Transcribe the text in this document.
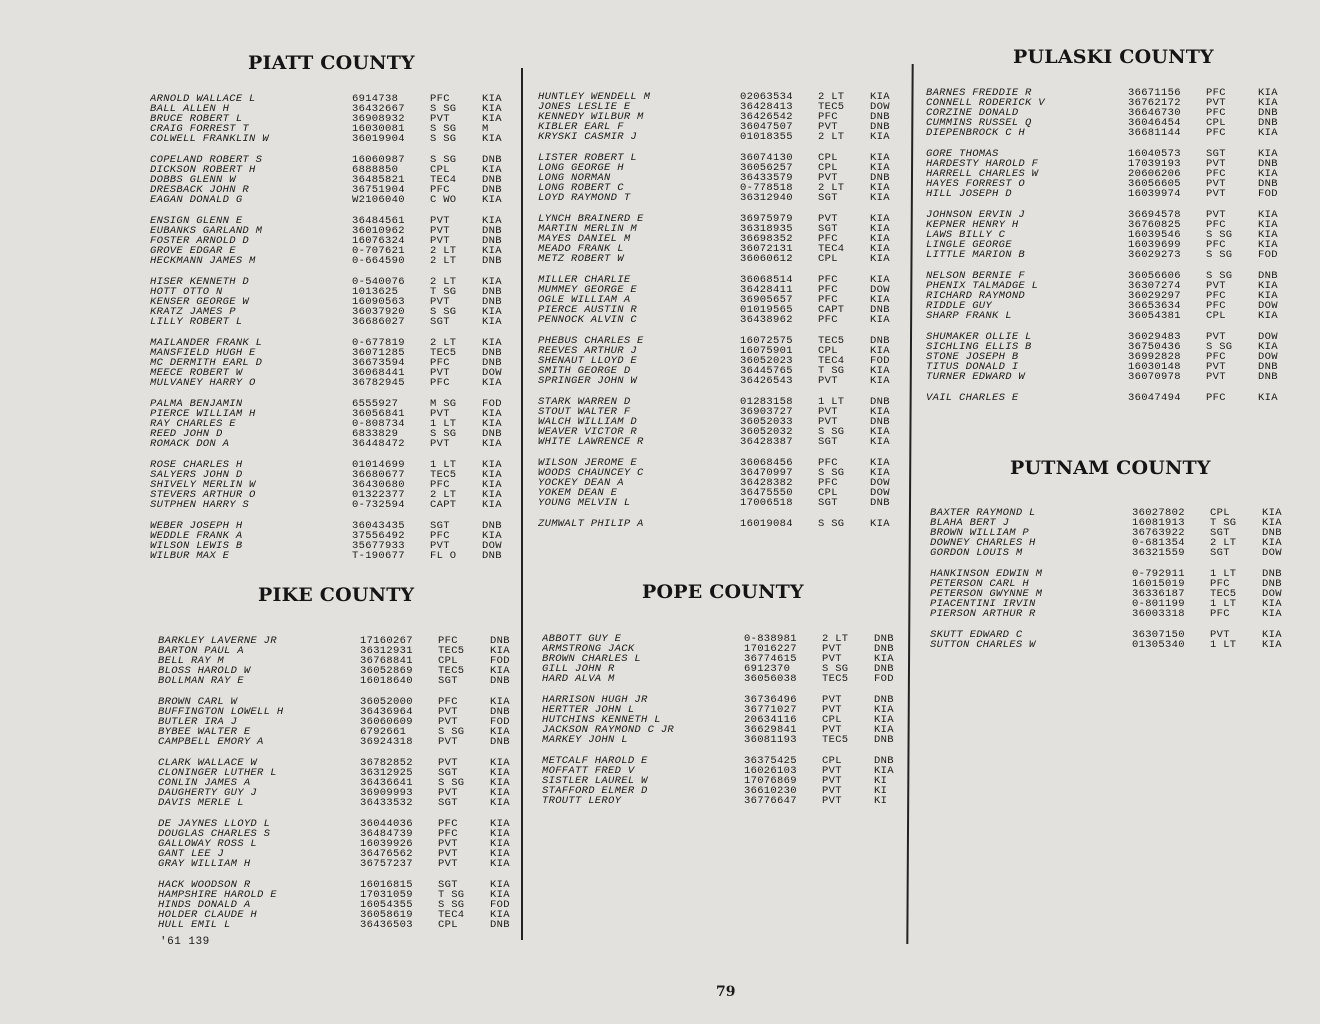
PIATT COUNTY
ARNOLD WALLACE L	6914738	PFC	KIA
BALL ALLEN H	36432667	S SG	KIA
BRUCE ROBERT L	36908932	PVT	KIA
CRAIG FORREST T	16030081	S SG	M
COLWELL FRANKLIN W	36019904	S SG	KIA
COPELAND ROBERT S	16060987	S SG	DNB
DICKSON ROBERT H	6888850	CPL	KIA
DOBBS GLENN W	36485821	TEC4	DNB
DRESBACK JOHN R	36751904	PFC	DNB
EAGAN DONALD G	W2106040	C WO	KIA
ENSIGN GLENN E	36484561	PVT	KIA
EUBANKS GARLAND M	36010962	PVT	DNB
FOSTER ARNOLD D	16076324	PVT	DNB
GROVE EDGAR E	0-707621	2 LT	KIA
HECKMANN JAMES M	0-664590	2 LT	DNB
HISER KENNETH D	0-540076	2 LT	KIA
HOTT OTTO N	1013625	T SG	DNB
KENSER GEORGE W	16090563	PVT	DNB
KRATZ JAMES P	36037920	S SG	KIA
LILLY ROBERT L	36686027	SGT	KIA
MAILANDER FRANK L	0-677819	2 LT	KIA
MANSFIELD HUGH E	36071285	TEC5	DNB
MC DERMITH EARL D	36673594	PFC	DNB
MEECE ROBERT W	36068441	PVT	DOW
MULVANEY HARRY O	36782945	PFC	KIA
PALMA BENJAMIN	6555927	M SG	FOD
PIERCE WILLIAM H	36056841	PVT	KIA
RAY CHARLES E	0-808734	1 LT	KIA
REED JOHN D	6833829	S SG	DNB
ROMACK DON A	36448472	PVT	KIA
ROSE CHARLES H	01014699	1 LT	KIA
SALYERS JOHN D	36680677	TEC5	KIA
SHIVELY MERLIN W	36430680	PFC	KIA
STEVERS ARTHUR O	01322377	2 LT	KIA
SUTPHEN HARRY S	0-732594	CAPT	KIA
WEBER JOSEPH H	36043435	SGT	DNB
WEDDLE FRANK A	37556492	PFC	KIA
WILSON LEWIS B	35677933	PVT	DOW
WILBUR MAX E	T-190677	FL O	DNB
PIKE COUNTY
BARKLEY LAVERNE JR	17160267	PFC	DNB
BARTON PAUL A	36312931	TEC5	KIA
BELL RAY M	36768841	CPL	FOD
BLOSS HAROLD W	36052869	TEC5	KIA
BOLLMAN RAY E	16018640	SGT	DNB
BROWN CARL W	36052000	PFC	KIA
BUFFINGTON LOWELL H	36436964	PVT	DNB
BUTLER IRA J	36060609	PVT	FOD
BYBEE WALTER E	6792661	S SG	KIA
CAMPBELL EMORY A	36924318	PVT	DNB
CLARK WALLACE W	36782852	PVT	KIA
CLONINGER LUTHER L	36312925	SGT	KIA
CONLIN JAMES A	36436641	S SG	KIA
DAUGHERTY GUY J	36909993	PVT	KIA
DAVIS MERLE L	36433532	SGT	KIA
DE JAYNES LLOYD L	36044036	PFC	KIA
DOUGLAS CHARLES S	36484739	PFC	KIA
GALLOWAY ROSS L	16039926	PVT	KIA
GANT LEE J	36476562	PVT	KIA
GRAY WILLIAM H	36757237	PVT	KIA
HACK WOODSON R	16016815	SGT	KIA
HAMPSHIRE HAROLD E	17031059	T SG	KIA
HINDS DONALD A	16054355	S SG	FOD
HOLDER CLAUDE H	36058619	TEC4	KIA
HULL EMIL L	36436503	CPL	DNB
HUNTLEY WENDELL M	02063534	2 LT	KIA
JONES LESLIE E	36428413	TEC5	DOW
KENNEDY WILBUR M	36426542	PFC	DNB
KIBLER EARL F	36047507	PVT	DNB
KRYSKI CASMIR J	01018355	2 LT	KIA
LISTER ROBERT L	36074130	CPL	KIA
LONG GEORGE H	36056257	CPL	KIA
LONG NORMAN	36433579	PVT	DNB
LONG ROBERT C	0-778518	2 LT	KIA
LOYD RAYMOND T	36312940	SGT	KIA
LYNCH BRAINERD E	36975979	PVT	KIA
MARTIN MERLIN M	36318935	SGT	KIA
MAYES DANIEL M	36698352	PFC	KIA
MEADO FRANK L	36072131	TEC4	KIA
METZ ROBERT W	36060612	CPL	KIA
MILLER CHARLIE	36068514	PFC	KIA
MUMMEY GEORGE E	36428411	PFC	DOW
OGLE WILLIAM A	36905657	PFC	KIA
PIERCE AUSTIN R	01019565	CAPT	DNB
PENNOCK ALVIN C	36438962	PFC	KIA
PHEBUS CHARLES E	16072575	TEC5	DNB
REEVES ARTHUR J	16075901	CPL	KIA
SHENAUT LLOYD E	36052023	TEC4	FOD
SMITH GEORGE D	36445765	T SG	KIA
SPRINGER JOHN W	36426543	PVT	KIA
STARK WARREN D	01283158	1 LT	DNB
STOUT WALTER F	36903727	PVT	KIA
WALCH WILLIAM D	36052033	PVT	DNB
WEAVER VICTOR R	36052032	S SG	KIA
WHITE LAWRENCE R	36428387	SGT	KIA
WILSON JEROME E	36068456	PFC	KIA
WOODS CHAUNCEY C	36470997	S SG	KIA
YOCKEY DEAN A	36428382	PFC	DOW
YOKEM DEAN E	36475550	CPL	DOW
YOUNG MELVIN L	17006518	SGT	DNB
ZUMWALT PHILIP A	16019084	S SG	KIA
POPE COUNTY
ABBOTT GUY E	0-838981	2 LT	DNB
ARMSTRONG JACK	17016227	PVT	DNB
BROWN CHARLES L	36774615	PVT	KIA
GILL JOHN R	6912370	S SG	DNB
HARD ALVA M	36056038	TEC5	FOD
HARRISON HUGH JR	36736496	PVT	DNB
HERTTER JOHN L	36771027	PVT	KIA
HUTCHINS KENNETH L	20634116	CPL	KIA
JACKSON RAYMOND C JR	36629841	PVT	KIA
MARKEY JOHN L	36081193	TEC5	DNB
METCALF HAROLD E	36375425	CPL	DNB
MOFFATT FRED V	16026103	PVT	KIA
SISTLER LAUREL W	17076869	PVT	KI
STAFFORD ELMER D	36610230	PVT	KI
TROUTT LEROY	36776647	PVT	KI
PULASKI COUNTY
BARNES FREDDIE R	36671156	PFC	KIA
CONNELL RODERICK V	36762172	PVT	KIA
CORZINE DONALD	36646730	PFC	DNB
CUMMINS RUSSEL Q	36046454	CPL	DNB
DIEPENBROCK C H	36681144	PFC	KIA
GORE THOMAS	16040573	SGT	KIA
HARDESTY HAROLD F	17039193	PVT	DNB
HARRELL CHARLES W	20606206	PFC	KIA
HAYES FORREST O	36056605	PVT	DNB
HILL JOSEPH D	16039974	PVT	FOD
JOHNSON ERVIN J	36694578	PVT	KIA
KEPNER HENRY H	36760825	PFC	KIA
LAWS BILLY C	16039546	S SG	KIA
LINGLE GEORGE	16039699	PFC	KIA
LITTLE MARION B	36029273	S SG	FOD
NELSON BERNIE F	36056606	S SG	DNB
PHENIX TALMADGE L	36307274	PVT	KIA
RICHARD RAYMOND	36029297	PFC	KIA
RIDDLE GUY	36653634	PFC	DOW
SHARP FRANK L	36054381	CPL	KIA
SHUMAKER OLLIE L	36029483	PVT	DOW
SICHLING ELLIS B	36750436	S SG	KIA
STONE JOSEPH B	36992828	PFC	DOW
TITUS DONALD I	16030148	PVT	DNB
TURNER EDWARD W	36070978	PVT	DNB
VAIL CHARLES E	36047494	PFC	KIA
PUTNAM COUNTY
BAXTER RAYMOND L	36027802	CPL	KIA
BLAHA BERT J	16081913	T SG	KIA
BROWN WILLIAM P	36763922	SGT	DNB
DOWNEY CHARLES H	0-681354	2 LT	KIA
GORDON LOUIS M	36321559	SGT	DOW
HANKINSON EDWIN M	0-792911	1 LT	DNB
PETERSON CARL H	16015019	PFC	DNB
PETERSON GWYNNE M	36336187	TEC5	DOW
PIACENTINI IRVIN	0-801199	1 LT	KIA
PIERSON ARTHUR R	36003318	PFC	KIA
SKUTT EDWARD C	36307150	PVT	KIA
SUTTON CHARLES W	01305340	1 LT	KIA
'61 139
79
